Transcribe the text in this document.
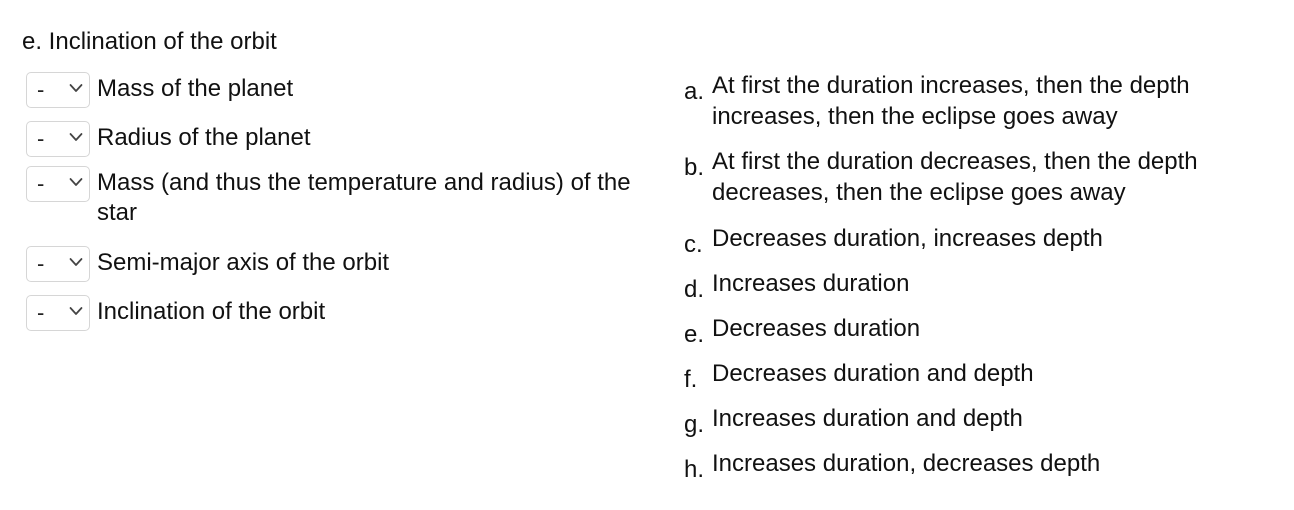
e. Inclination of the orbit
- Mass of the planet
- Radius of the planet
- Mass (and thus the temperature and radius) of the star
- Semi-major axis of the orbit
- Inclination of the orbit
a. At first the duration increases, then the depth increases, then the eclipse goes away
b. At first the duration decreases, then the depth decreases, then the eclipse goes away
c. Decreases duration, increases depth
d. Increases duration
e. Decreases duration
f. Decreases duration and depth
g. Increases duration and depth
h. Increases duration, decreases depth
